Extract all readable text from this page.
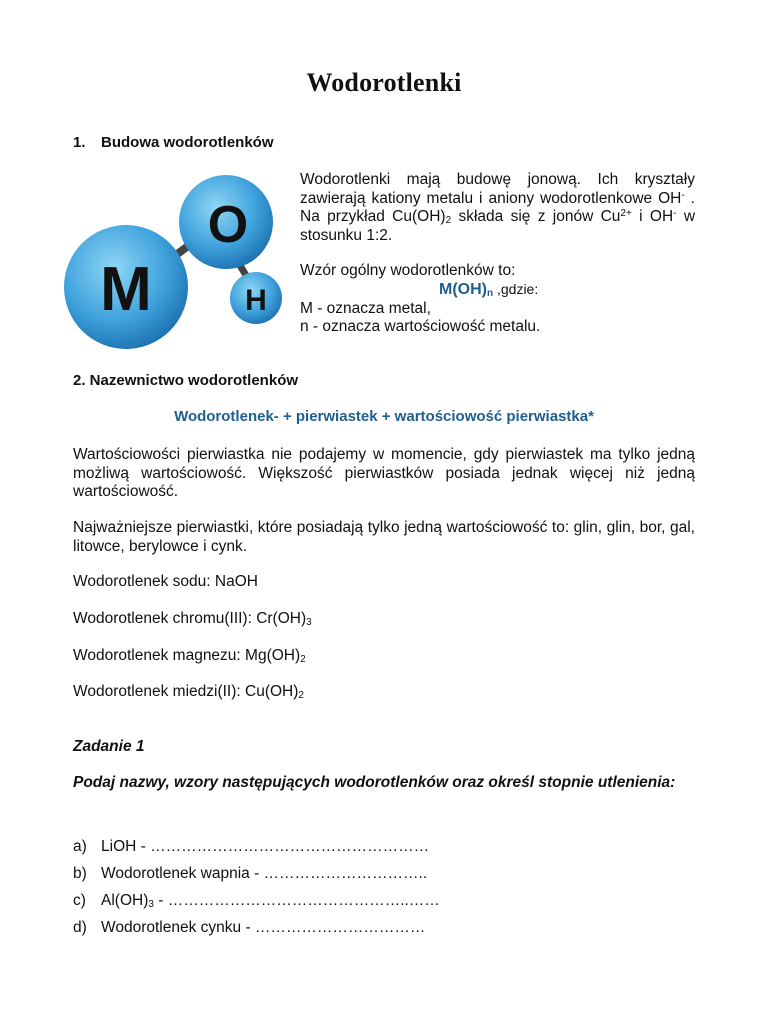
Wodorotlenki
1. Budowa wodorotlenków
M
O
H
Wodorotlenki mają budowę jonową. Ich kryształy zawierają kationy metalu i aniony wodorotlenkowe OH- . Na przykład $Cu(OH)_2$ składa się z jonów $Cu^{2+}$ i OH- w stosunku 1:2.
Wzór ogólny wodorotlenków to:
$M(OH)_n$ ,gdzie:
M - oznacza metal,
n - oznacza wartościowość metalu.
2. Nazewnictwo wodorotlenków
Wodorotlenek- + pierwiastek + wartościowość pierwiastka*
Wartościowości pierwiastka nie podajemy w momencie, gdy pierwiastek ma tylko jedną możliwą wartościowość. Większość pierwiastków posiada jednak więcej niż jedną wartościowość.
Najważniejsze pierwiastki, które posiadają tylko jedną wartościowość to: glin, glin, bor, gal, litowce, berylowce i cynk.
Wodorotlenek sodu: NaOH
Wodorotlenek chromu(III): $Cr(OH)_3$
Wodorotlenek magnezu: $Mg(OH)_2$
Wodorotlenek miedzi(II): $Cu(OH)_2$
Zadanie 1
Podaj nazwy, wzory następujących wodorotlenków oraz określ stopnie utlenienia:
a) LiOH - ………………………………………………
b) Wodorotlenek wapnia - …………………………..
c) $Al(OH)_3$ - ………………………………………..……
d) Wodorotlenek cynku - ……………………………
